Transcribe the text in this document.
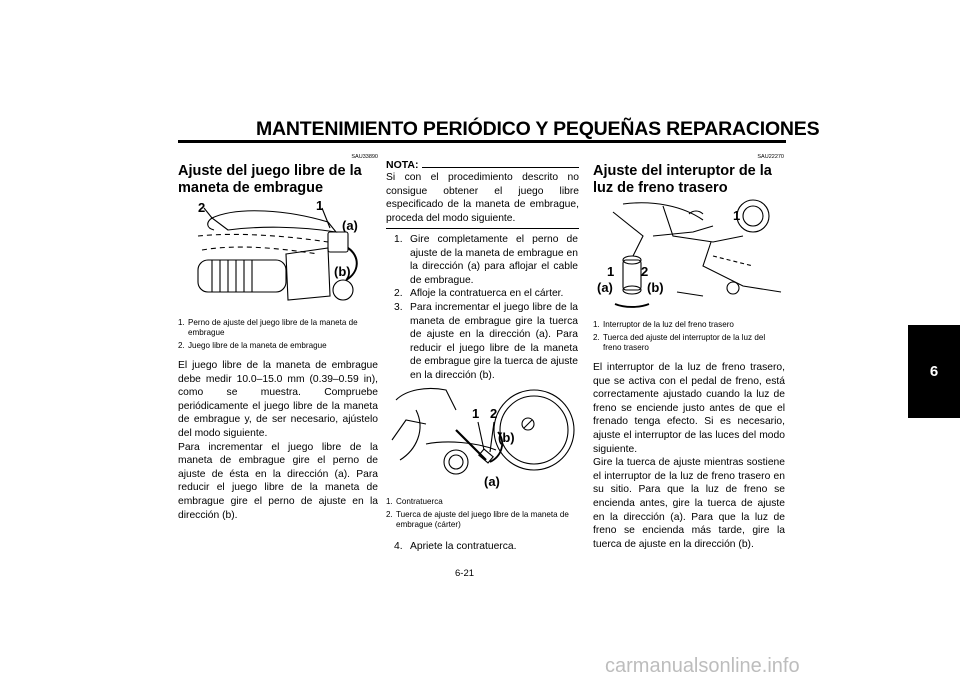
MANTENIMIENTO PERIÓDICO Y PEQUEÑAS REPARACIONES
6
SAU33890
Ajuste del juego libre de la maneta de embrague
2	1
(a)
(b)
1. Perno de ajuste del juego libre de la maneta de embrague
2. Juego libre de la maneta de embrague
El juego libre de la maneta de embrague debe medir 10.0–15.0 mm (0.39–0.59 in), como se muestra. Compruebe periódicamente el juego libre de la maneta de embrague y, de ser necesario, ajústelo del modo siguiente.
Para incrementar el juego libre de la maneta de embrague gire el perno de ajuste de ésta en la dirección (a). Para reducir el juego libre de la maneta de embrague gire el perno de ajuste en la dirección (b).
NOTA:
Si con el procedimiento descrito no consigue obtener el juego libre especificado de la maneta de embrague, proceda del modo siguiente.
1. Gire completamente el perno de ajuste de la maneta de embrague en la dirección (a) para aflojar el cable de embrague.
2. Afloje la contratuerca en el cárter.
3. Para incrementar el juego libre de la maneta de embrague gire la tuerca de ajuste en la dirección (a). Para reducir el juego libre de la maneta de embrague gire la tuerca de ajuste en la dirección (b).
1 2
(b)
(a)
1. Contratuerca
2. Tuerca de ajuste del juego libre de la maneta de embrague (cárter)
4. Apriete la contratuerca.
SAU22270
Ajuste del interuptor de la luz de freno trasero
1
1 2
(a)	(b)
1. Interruptor de la luz del freno trasero
2. Tuerca ded ajuste del interruptor de la luz del freno trasero
El interruptor de la luz de freno trasero, que se activa con el pedal de freno, está correctamente ajustado cuando la luz de freno se enciende justo antes de que el frenado tenga efecto. Si es necesario, ajuste el interruptor de las luces del modo siguiente.
Gire la tuerca de ajuste mientras sostiene el interruptor de la luz de freno trasero en su sitio. Para que la luz de freno se encienda antes, gire la tuerca de ajuste en la dirección (a). Para que la luz de freno se encienda más tarde, gire la tuerca de ajuste en la dirección (b).
6-21
carmanualsonline.info
